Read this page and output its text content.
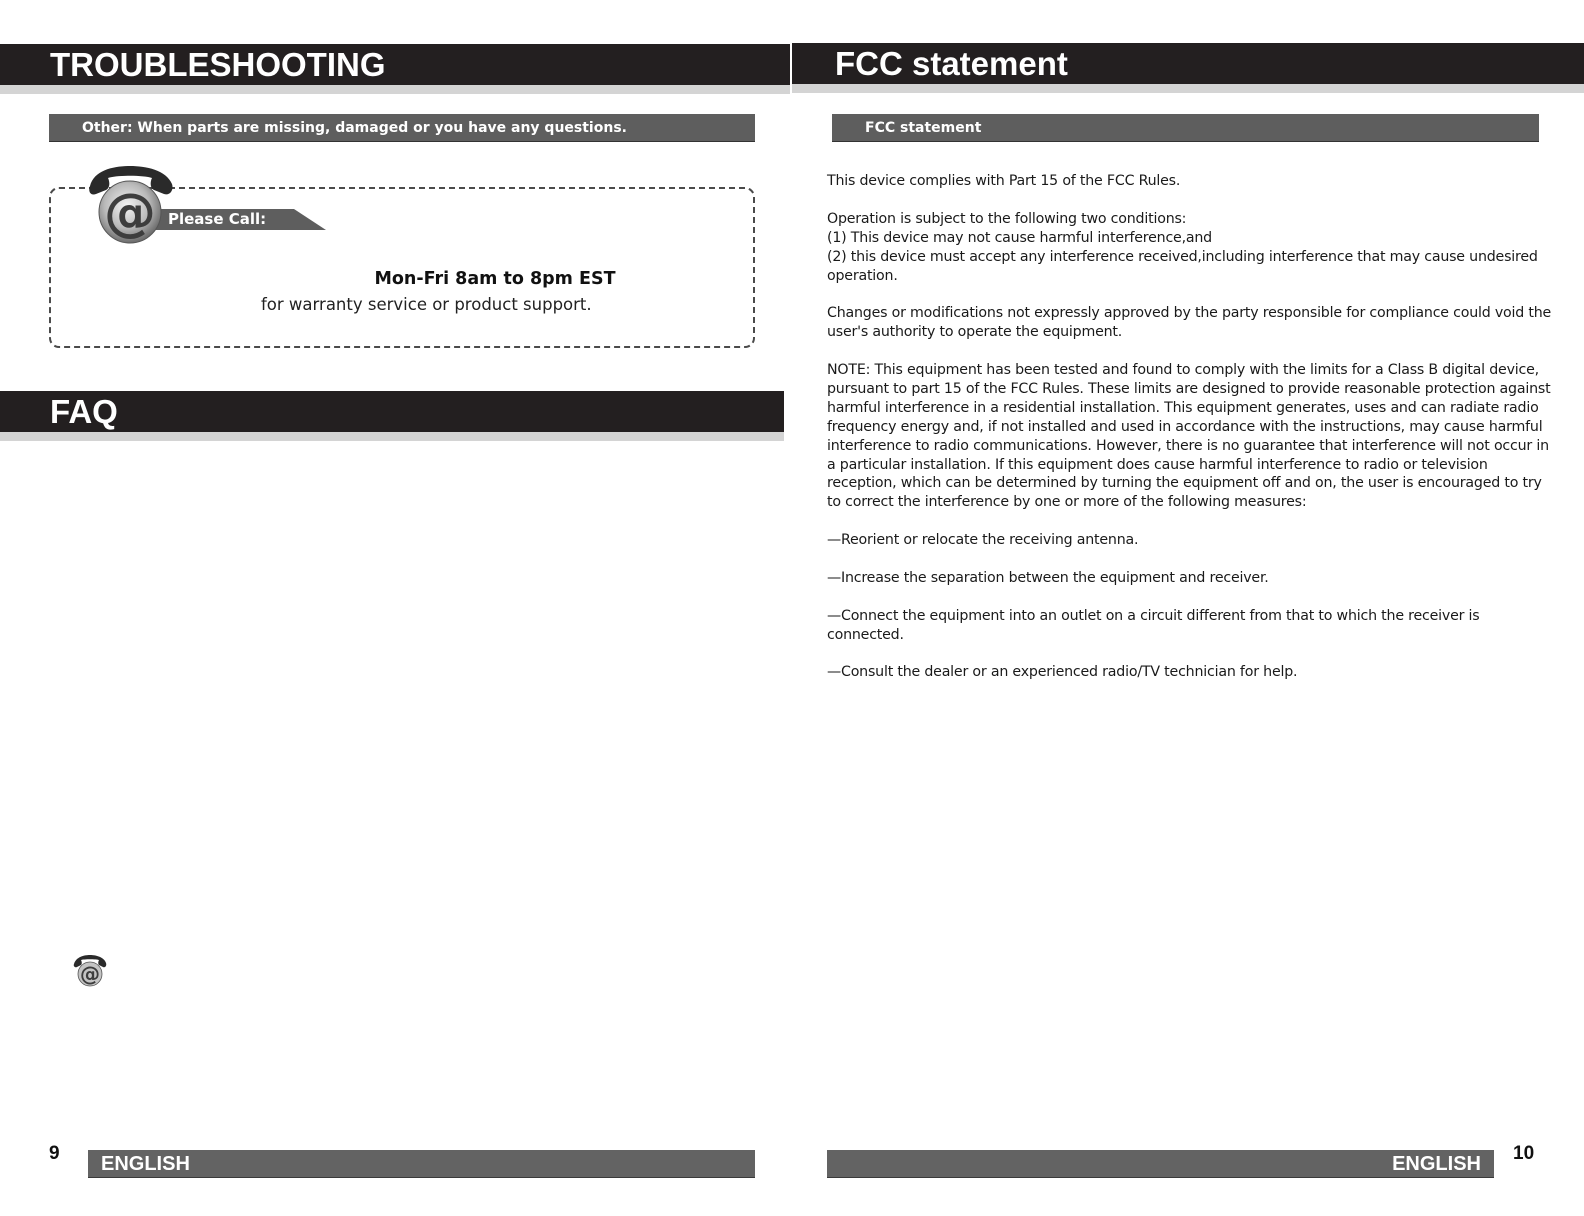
TROUBLESHOOTING
Other: When parts are missing, damaged or you have any questions.
Please Call:
@
Mon-Fri 8am to 8pm EST
for warranty service or product support.
FAQ
@
9	ENGLISH
FCC statement
FCC statement

This device complies with Part 15 of the FCC Rules.

Operation is subject to the following two conditions:

(1) This device may not cause harmful interference,and

(2) this device must accept any interference received,including interference that may cause undesired operation.

Changes or modifications not expressly approved by the party responsible for compliance could void the user's authority to operate the equipment.

NOTE: This equipment has been tested and found to comply with the limits for a Class B digital device, pursuant to part 15 of the FCC Rules. These limits are designed to provide reasonable protection against harmful interference in a residential installation. This equipment generates, uses and can radiate radio frequency energy and, if not installed and used in accordance with the instructions, may cause harmful interference to radio communications. However, there is no guarantee that interference will not occur in a particular installation. If this equipment does cause harmful interference to radio or television reception, which can be determined by turning the equipment off and on, the user is encouraged to try to correct the interference by one or more of the following measures:

—Reorient or relocate the receiving antenna.

—Increase the separation between the equipment and receiver.

—Connect the equipment into an outlet on a circuit different from that to which the receiver is connected.

—Consult the dealer or an experienced radio/TV technician for help.

ENGLISH	10
